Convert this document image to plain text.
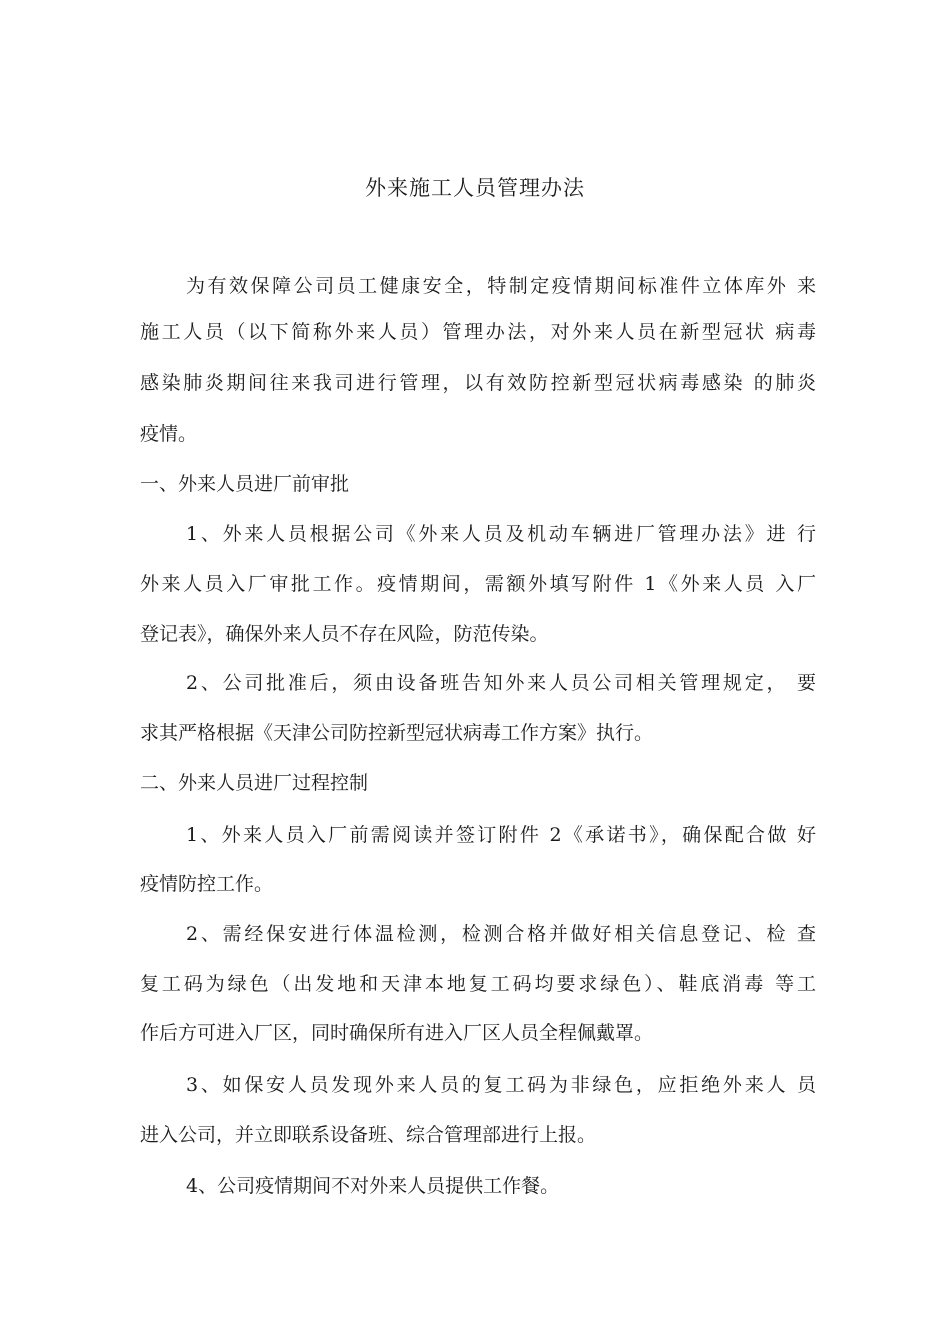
外来施工人员管理办法
为有效保障公司员工健康安全，特制定疫情期间标准件立体库外 来
施工人员（以下简称外来人员）管理办法，对外来人员在新型冠状 病毒
感染肺炎期间往来我司进行管理，以有效防控新型冠状病毒感染 的肺炎
疫情。
一、外来人员进厂前审批
1、外来人员根据公司《外来人员及机动车辆进厂管理办法》进 行
外来人员入厂审批工作。疫情期间，需额外填写附件 1《外来人员 入厂
登记表》，确保外来人员不存在风险，防范传染。
2、公司批准后，须由设备班告知外来人员公司相关管理规定， 要
求其严格根据《天津公司防控新型冠状病毒工作方案》执行。
二、外来人员进厂过程控制
1、外来人员入厂前需阅读并签订附件 2《承诺书》，确保配合做 好
疫情防控工作。
2、需经保安进行体温检测，检测合格并做好相关信息登记、检 查
复工码为绿色（出发地和天津本地复工码均要求绿色）、鞋底消毒 等工
作后方可进入厂区，同时确保所有进入厂区人员全程佩戴罩。
3、如保安人员发现外来人员的复工码为非绿色，应拒绝外来人 员
进入公司，并立即联系设备班、综合管理部进行上报。
4、公司疫情期间不对外来人员提供工作餐。
